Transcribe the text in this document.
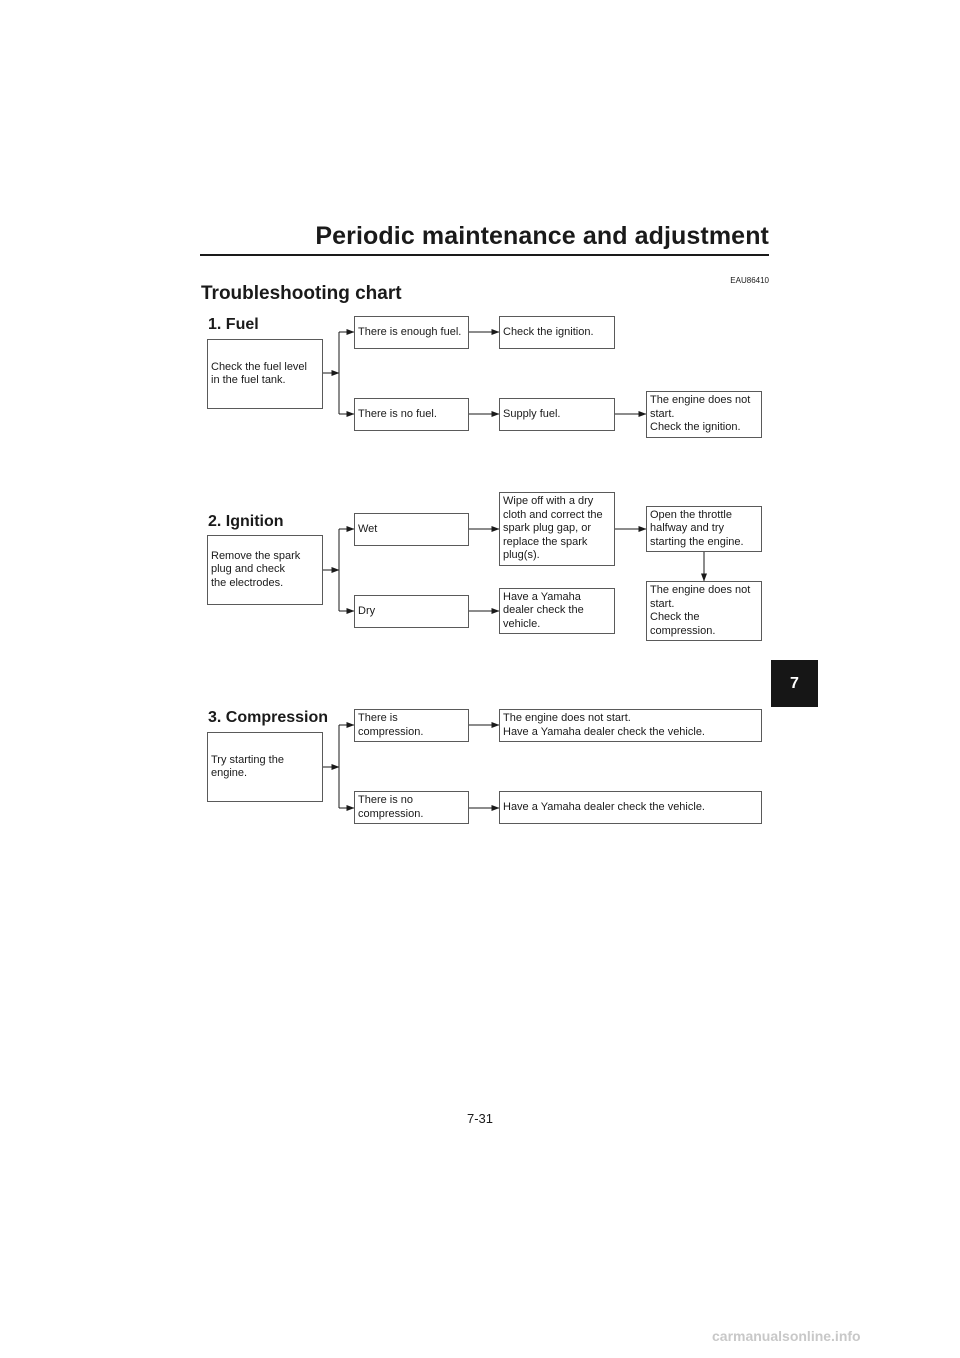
Periodic maintenance and adjustment
EAU86410
Troubleshooting chart
1. Fuel
Check the fuel level
in the fuel tank.
There is enough fuel.
There is no fuel.
Check the ignition.
Supply fuel.
The engine does not
start.
Check the ignition.
2. Ignition
Remove the spark
plug and check
the electrodes.
Wet
Dry
Wipe off with a dry
cloth and correct the
spark plug gap, or
replace the spark
plug(s).
Have a Yamaha
dealer check the
vehicle.
Open the throttle
halfway and try
starting the engine.
The engine does not
start.
Check the
compression.
3. Compression
Try starting the
engine.
There is compression.
There is no
compression.
The engine does not start.
Have a Yamaha dealer check the vehicle.
Have a Yamaha dealer check the vehicle.
7
7-31
carmanualsonline.info
